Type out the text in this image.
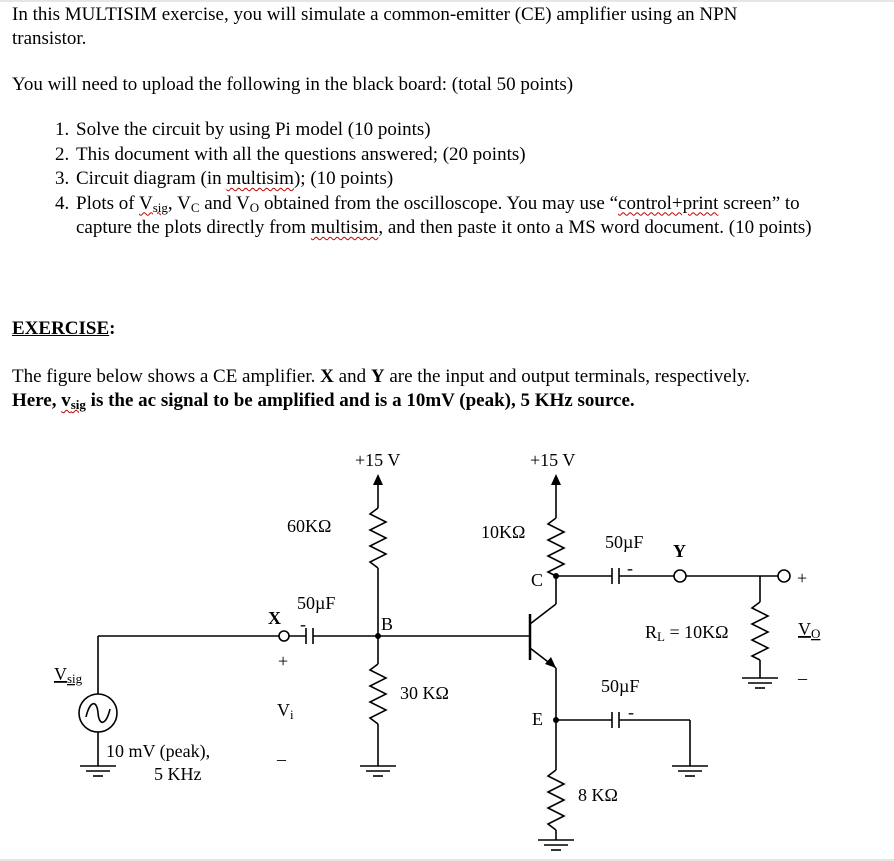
In this MULTISIM exercise, you will simulate a common-emitter (CE) amplifier using an NPN
transistor.
You will need to upload the following in the black board: (total 50 points)
1. Solve the circuit by using Pi model (10 points)
2. This document with all the questions answered; (20 points)
3. Circuit diagram (in multisim); (10 points)
4. Plots of $V_{sig}$, $V_C$ and $V_O$ obtained from the oscilloscope. You may use “control+print screen” to capture the plots directly from multisim, and then paste it onto a MS word document. (10 points)
EXERCISE:
The figure below shows a CE amplifier. X and Y are the input and output terminals, respectively.
Here, $v_{sig}$ is the ac signal to be amplified and is a 10mV (peak), 5 KHz source.
+15 V	+15 V
60KΩ
30 KΩ
10KΩ
8 KΩ
50µF
50µF
50µF
-
-
-
X
Y
B
C
E
+
Vi
–
+
VO
–
RL = 10KΩ
Vsig
10 mV (peak),
5 KHz
